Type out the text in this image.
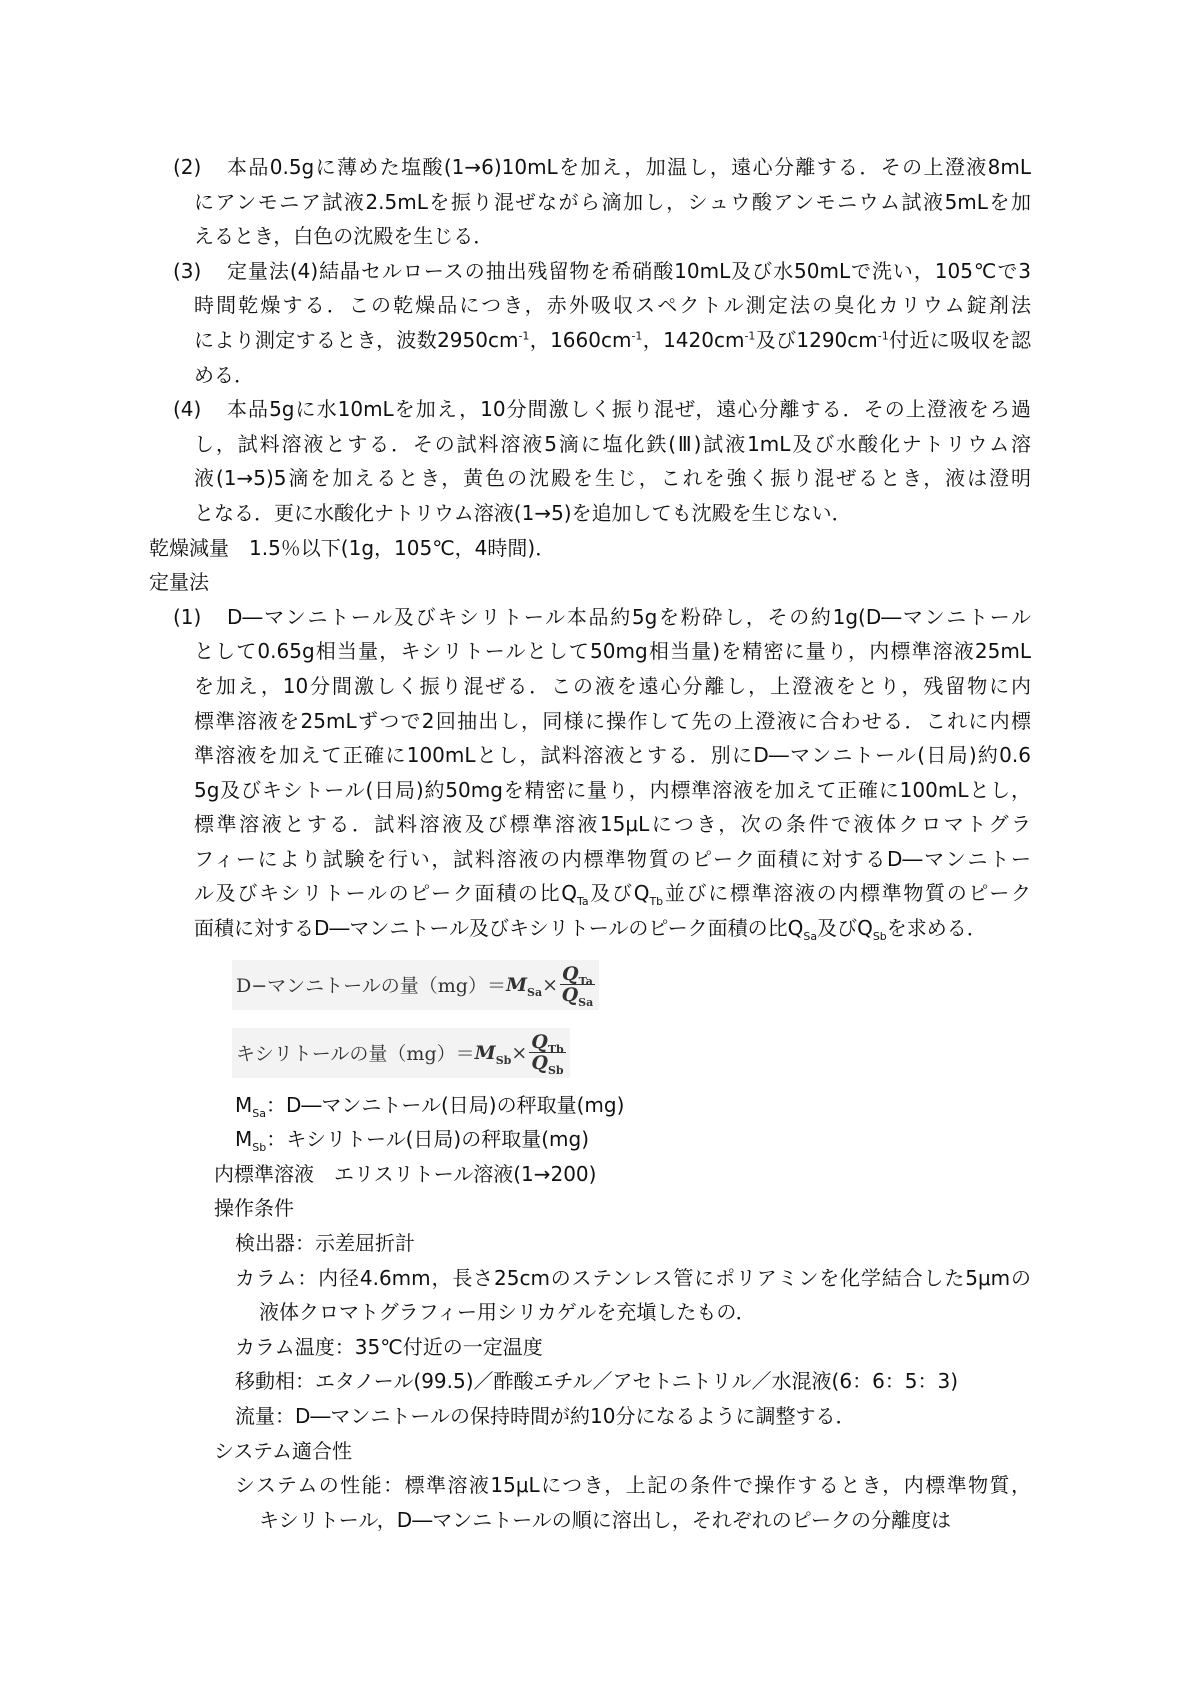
(2) 本品0.5gに薄めた塩酸(1→6)10mLを加え，加温し，遠心分離する．その上澄液8mL
にアンモニア試液2.5mLを振り混ぜながら滴加し，シュウ酸アンモニウム試液5mLを加
えるとき，白色の沈殿を生じる．
(3) 定量法(4)結晶セルロースの抽出残留物を希硝酸10mL及び水50mLで洗い，105℃で3
時間乾燥する．この乾燥品につき，赤外吸収スペクトル測定法の臭化カリウム錠剤法
により測定するとき，波数$2950cm^{-1}$，$1660cm^{-1}$，$1420cm^{-1}$及び$1290cm^{-1}$付近に吸収を認
める．
(4) 本品5gに水10mLを加え，10分間激しく振り混ぜ，遠心分離する．その上澄液をろ過
し，試料溶液とする．その試料溶液5滴に塩化鉄(Ⅲ)試液1mL及び水酸化ナトリウム溶
液(1→5)5滴を加えるとき，黄色の沈殿を生じ，これを強く振り混ぜるとき，液は澄明
となる．更に水酸化ナトリウム溶液(1→5)を追加しても沈殿を生じない．
乾燥減量　1.5％以下(1g，105℃，4時間)．
定量法
(1) D―マンニトール及びキシリトール本品約5gを粉砕し，その約1g(D―マンニトール
として0.65g相当量，キシリトールとして50mg相当量)を精密に量り，内標準溶液25mL
を加え，10分間激しく振り混ぜる．この液を遠心分離し，上澄液をとり，残留物に内
標準溶液を25mLずつで2回抽出し，同様に操作して先の上澄液に合わせる．これに内標
準溶液を加えて正確に100mLとし，試料溶液とする．別にD―マンニトール(日局)約0.6
5g及びキシトール(日局)約50mgを精密に量り，内標準溶液を加えて正確に100mLとし，
標準溶液とする．試料溶液及び標準溶液15μLにつき，次の条件で液体クロマトグラ
フィーにより試験を行い，試料溶液の内標準物質のピーク面積に対するD―マンニトー
ル及びキシリトールのピーク面積の比$Q_{Ta}$及び$Q_{Tb}$並びに標準溶液の内標準物質のピーク
面積に対するD―マンニトール及びキシリトールのピーク面積の比$Q_{Sa}$及び$Q_{Sb}$を求める．
D−マンニトールの量$(mg) = M_{Sa} \times \frac{Q_{Ta}}{Q_{Sa}}$
キシリトールの量$(mg) = M_{Sb} \times \frac{Q_{Tb}}{Q_{Sb}}$
$M_{Sa}$：D―マンニトール(日局)の秤取量(mg)
$M_{Sb}$：キシリトール(日局)の秤取量(mg)
内標準溶液　エリスリトール溶液(1→200)
操作条件
検出器：示差屈折計
カラム：内径4.6mm，長さ25cmのステンレス管にポリアミンを化学結合した5μmの
液体クロマトグラフィー用シリカゲルを充塡したもの．
カラム温度：35℃付近の一定温度
移動相：エタノール(99.5)／酢酸エチル／アセトニトリル／水混液(6：6：5：3)
流量：D―マンニトールの保持時間が約10分になるように調整する．
システム適合性
システムの性能：標準溶液15μLにつき，上記の条件で操作するとき，内標準物質，
キシリトール，D―マンニトールの順に溶出し，それぞれのピークの分離度は
